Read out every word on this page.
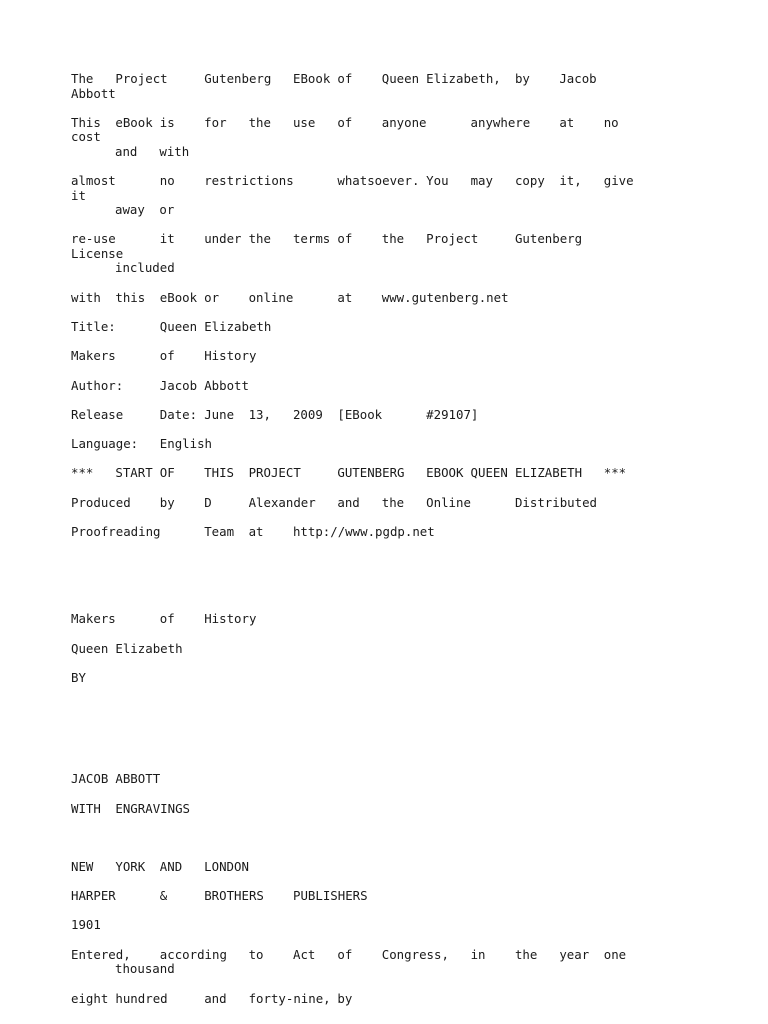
The	Project	Gutenberg	EBook of	Queen Elizabeth,	by	Jacob
Abbott
This	eBook is	for	the	use	of	anyone	anywhere	at	no
cost
and	with
almost	no	restrictions	whatsoever. You	may	copy	it,	give
it
away	or
re-use	it	under the	terms of	the	Project	Gutenberg
License
included
with	this	eBook or	online	at	www.gutenberg.net
Title:	Queen Elizabeth
Makers	of	History
Author:	Jacob Abbott
Release	Date: June	13,	2009	[EBook	#29107]
Language:	English
***	START OF	THIS	PROJECT	GUTENBERG	EBOOK QUEEN ELIZABETH	***
Produced	by	D	Alexander	and	the	Online	Distributed
Proofreading	Team	at	http://www.pgdp.net
Makers	of	History
Queen Elizabeth
BY
JACOB ABBOTT
WITH	ENGRAVINGS
NEW	YORK	AND	LONDON
HARPER	&	BROTHERS	PUBLISHERS
1901
Entered,	according	to	Act	of	Congress,	in	the	year	one
thousand
eight hundred	and	forty-nine, by
